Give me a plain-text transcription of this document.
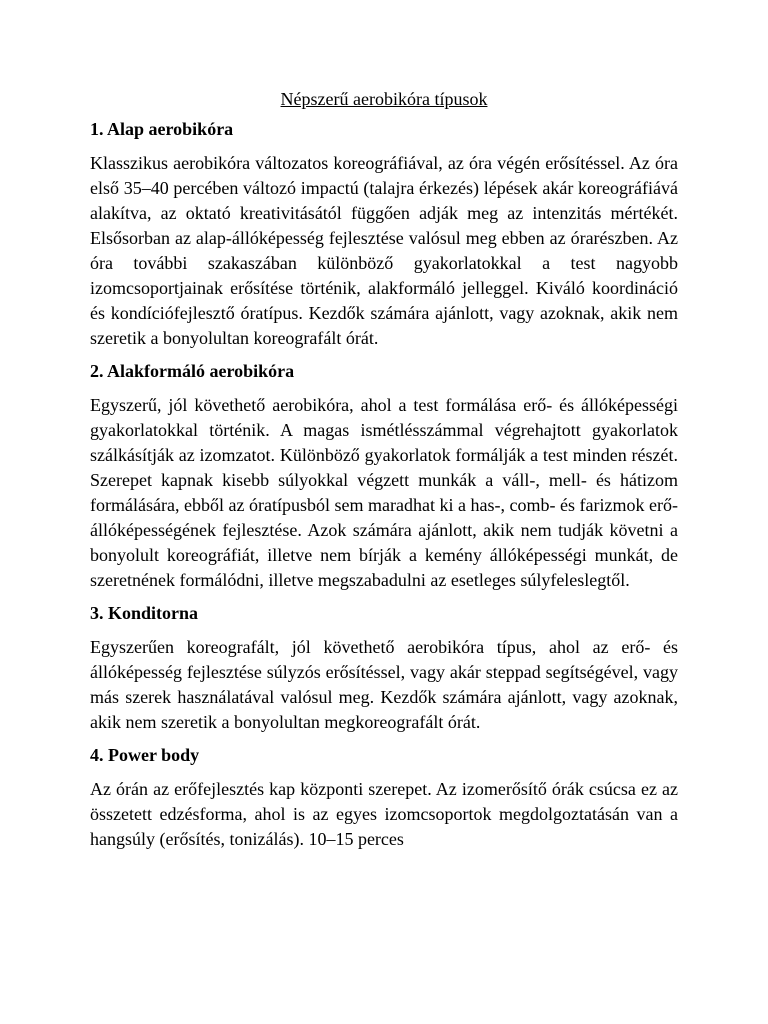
Népszerű aerobikóra típusok
1. Alap aerobikóra

Klasszikus aerobikóra változatos koreográfiával, az óra végén erősítéssel. Az óra első 35–40 percében változó impactú (talajra érkezés) lépések akár koreográfiává alakítva, az oktató kreativitásától függően adják meg az intenzitás mértékét. Elsősorban az alap-állóképesség fejlesztése valósul meg ebben az órarészben. Az óra további szakaszában különböző gyakorlatokkal a test nagyobb izomcsoportjainak erősítése történik, alakformáló jelleggel. Kiváló koordináció és kondíciófejlesztő óratípus. Kezdők számára ajánlott, vagy azoknak, akik nem szeretik a bonyolultan koreografált órát.

2. Alakformáló aerobikóra

Egyszerű, jól követhető aerobikóra, ahol a test formálása erő- és állóképességi gyakorlatokkal történik. A magas ismétlésszámmal végrehajtott gyakorlatok szálkásítják az izomzatot. Különböző gyakorlatok formálják a test minden részét. Szerepet kapnak kisebb súlyokkal végzett munkák a váll-, mell- és hátizom formálására, ebből az óratípusból sem maradhat ki a has-, comb- és farizmok erő-állóképességének fejlesztése. Azok számára ajánlott, akik nem tudják követni a bonyolult koreográfiát, illetve nem bírják a kemény állóképességi munkát, de szeretnének formálódni, illetve megszabadulni az esetleges súlyfeleslegtől.

3. Konditorna

Egyszerűen koreografált, jól követhető aerobikóra típus, ahol az erő- és állóképesség fejlesztése súlyzós erősítéssel, vagy akár steppad segítségével, vagy más szerek használatával valósul meg. Kezdők számára ajánlott, vagy azoknak, akik nem szeretik a bonyolultan megkoreografált órát.

4. Power body

Az órán az erőfejlesztés kap központi szerepet. Az izomerősítő órák csúcsa ez az összetett edzésforma, ahol is az egyes izomcsoportok megdolgoztatásán van a hangsúly (erősítés, tonizálás). 10–15 perces
